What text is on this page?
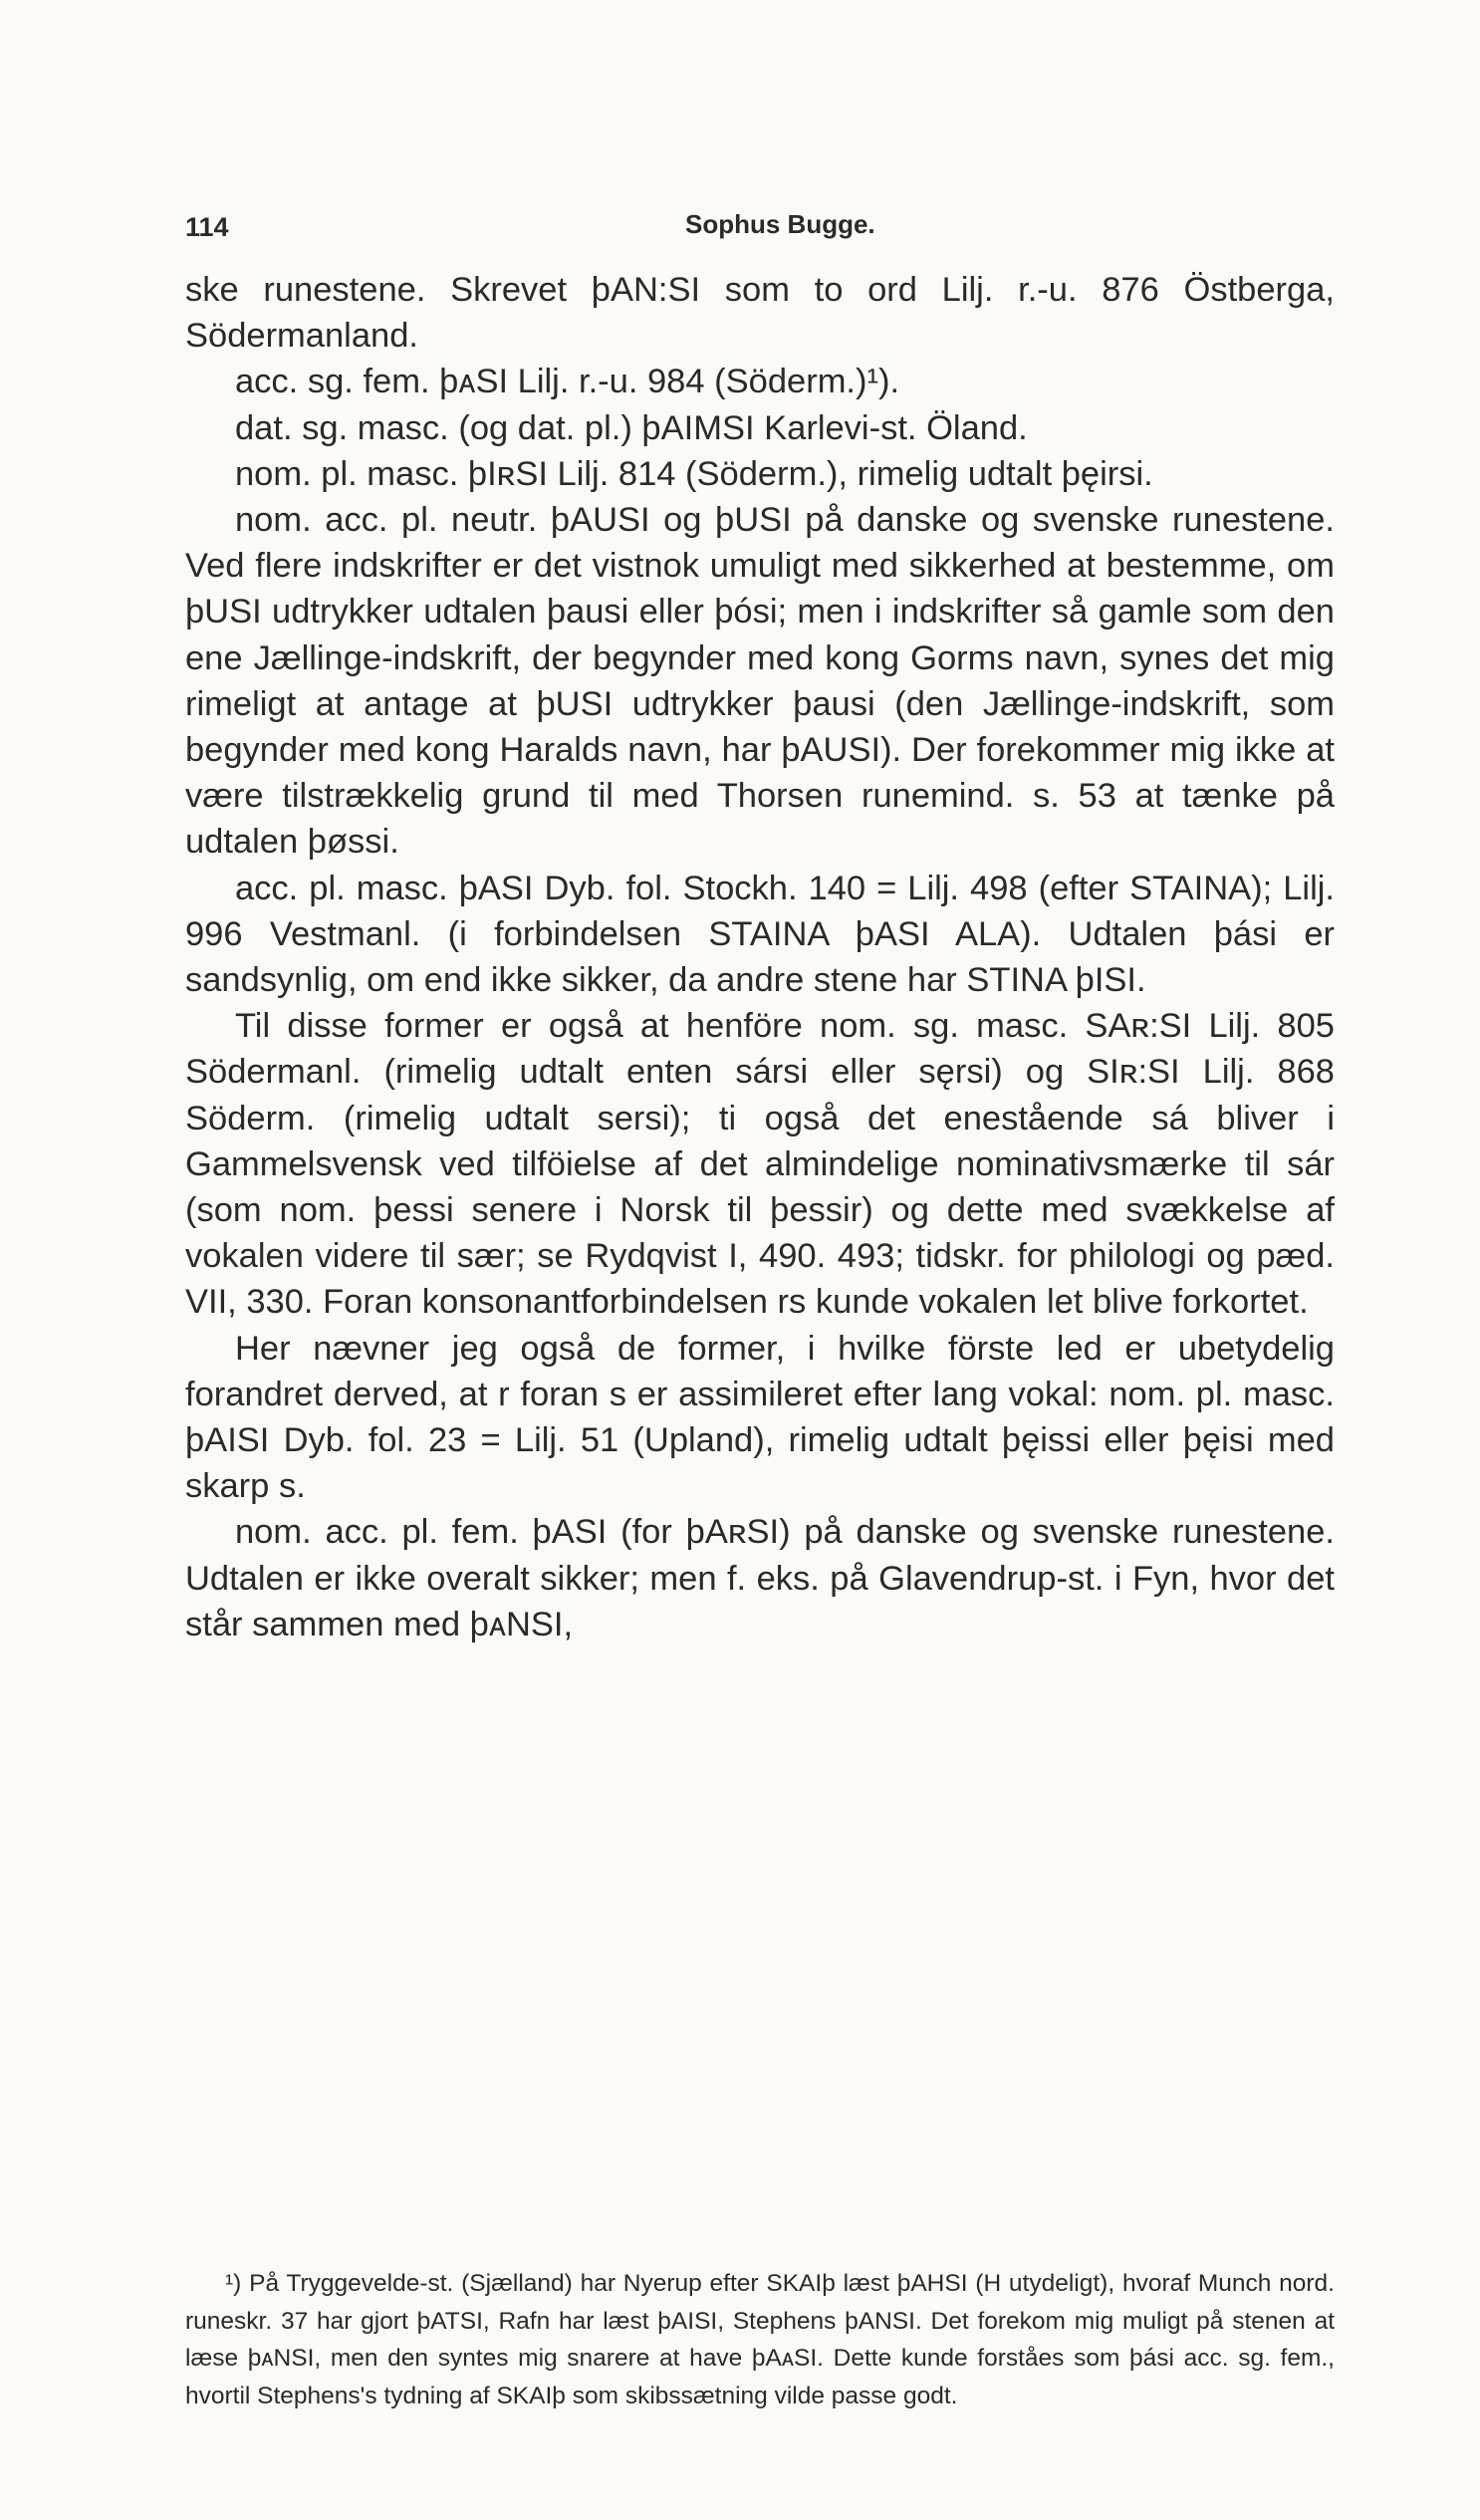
114	Sophus Bugge.

ske runestene. Skrevet þAN:SI som to ord Lilj. r.-u. 876 Östberga, Södermanland.

acc. sg. fem. þᴀSI Lilj. r.-u. 984 (Söderm.)¹).

dat. sg. masc. (og dat. pl.) þAIMSI Karlevi-st. Öland.

nom. pl. masc. þIʀSI Lilj. 814 (Söderm.), rimelig udtalt þęirsi.

nom. acc. pl. neutr. þAUSI og þUSI på danske og svenske runestene. Ved flere indskrifter er det vistnok umuligt med sikkerhed at bestemme, om þUSI udtrykker udtalen þausi eller þósi; men i indskrifter så gamle som den ene Jællinge-indskrift, der begynder med kong Gorms navn, synes det mig rimeligt at antage at þUSI udtrykker þausi (den Jællinge-indskrift, som begynder med kong Haralds navn, har þAUSI). Der forekommer mig ikke at være tilstrækkelig grund til med Thorsen runemind. s. 53 at tænke på udtalen þøssi.

acc. pl. masc. þASI Dyb. fol. Stockh. 140 = Lilj. 498 (efter STAINA); Lilj. 996 Vestmanl. (i forbindelsen STAINA þASI ALA). Udtalen þási er sandsynlig, om end ikke sikker, da andre stene har STINA þISI.

Til disse former er også at henföre nom. sg. masc. SAʀ:SI Lilj. 805 Södermanl. (rimelig udtalt enten sársi eller sęrsi) og SIʀ:SI Lilj. 868 Söderm. (rimelig udtalt sersi); ti også det enestående sá bliver i Gammelsvensk ved tilföielse af det almindelige nominativsmærke til sár (som nom. þessi senere i Norsk til þessir) og dette med svækkelse af vokalen videre til sær; se Rydqvist I, 490. 493; tidskr. for philologi og pæd. VII, 330. Foran konsonantforbindelsen rs kunde vokalen let blive forkortet.

Her nævner jeg også de former, i hvilke förste led er ubetydelig forandret derved, at r foran s er assimileret efter lang vokal: nom. pl. masc. þAISI Dyb. fol. 23 = Lilj. 51 (Upland), rimelig udtalt þęissi eller þęisi med skarp s.

nom. acc. pl. fem. þASI (for þAʀSI) på danske og svenske runestene. Udtalen er ikke overalt sikker; men f. eks. på Glavendrup-st. i Fyn, hvor det står sammen med þᴀNSI,

¹) På Tryggevelde-st. (Sjælland) har Nyerup efter SKAIþ læst þAHSI (H utydeligt), hvoraf Munch nord. runeskr. 37 har gjort þATSI, Rafn har læst þAISI, Stephens þANSI. Det forekom mig muligt på stenen at læse þᴀNSI, men den syntes mig snarere at have þAᴀSI. Dette kunde forståes som þási acc. sg. fem., hvortil Stephens's tydning af SKAIþ som skibssætning vilde passe godt.
